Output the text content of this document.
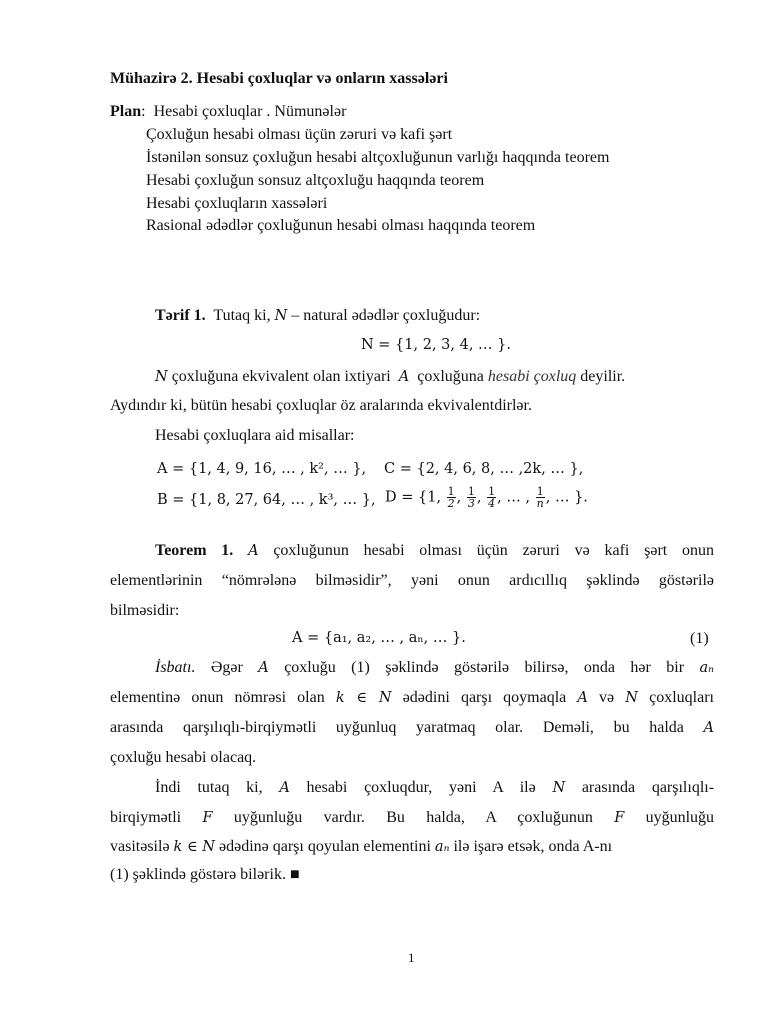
Mühazirə 2. Hesabi çoxluqlar və onların xassələri
Plan:  Hesabi çoxluqlar . Nümunələr
Çoxluğun hesabi olması üçün zəruri və kafi şərt
İstənilən sonsuz çoxluğun hesabi altçoxluğunun varlığı haqqında teorem
Hesabi çoxluğun sonsuz altçoxluğu haqqında teorem
Hesabi çoxluqların xassələri
Rasional ədədlər çoxluğunun hesabi olması haqqında teorem
Tərif 1. Tutaq ki, N – natural ədədlər çoxluğudur:
N = {1, 2, 3, 4, … }.
N çoxluğuna ekvivalent olan ixtiyari A çoxluğuna hesabi çoxluq deyilir.
Aydındır ki, bütün hesabi çoxluqlar öz aralarında ekvivalentdirlər.
Hesabi çoxluqlara aid misallar:
A = {1, 4, 9, 16, … , k², … }, C = {2, 4, 6, 8, … ,2k, … },
B = {1, 8, 27, 64, … , k³, … }, D = {1, $\frac{1}{2}$ , $\frac{1}{3}$ , $\frac{1}{4}$ , … , $\frac{1}{n}$ , … }.
Teorem 1. A çoxluğunun hesabi olması üçün zəruri və kafi şərt onun
elementlərinin “nömrələnə bilməsidir”, yəni onun ardıcıllıq şəklində göstərilə
bilməsidir:
A = {a₁, a₂, … , aₙ, … }.	(1)
İsbatı. Əgər A çoxluğu (1) şəklində göstərilə bilirsə, onda hər bir aₙ
elementinə onun nömrəsi olan k ∈ N ədədini qarşı qoymaqla A və N çoxluqları
arasında qarşılıqlı-birqiymətli uyğunluq yaratmaq olar. Deməli, bu halda A
çoxluğu hesabi olacaq.
İndi tutaq ki, A hesabi çoxluqdur, yəni A ilə N arasında qarşılıqlı-
birqiymətli F uyğunluğu vardır. Bu halda, A çoxluğunun F uyğunluğu
vasitəsilə k ∈ N ədədinə qarşı qoyulan elementini aₙ ilə işarə etsək, onda A-nı
(1) şəklində göstərə bilərik. ■
1
